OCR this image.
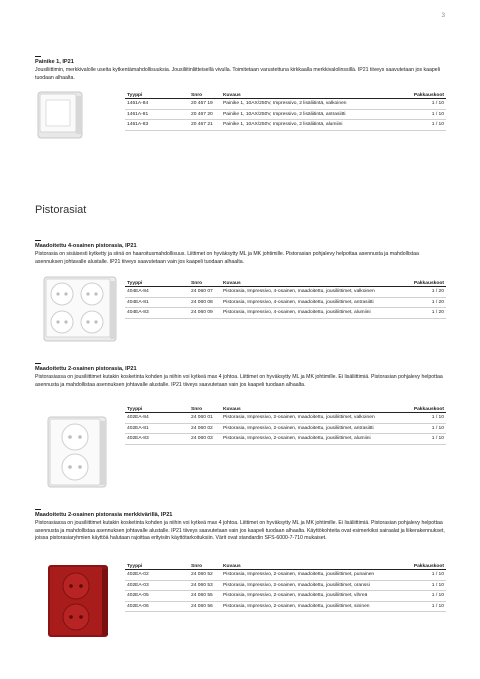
3
Painike 1, IP21
Jousiliittimin, merkkivalolle useita kytkentämahdollisuuksia. Jousiliitinliitteisellä vivulla. Toimitetaan varustettuna kirkkaalla merkkivalolinssillä. IP21 tiiveys saavutetaan jos kaapeli tuodaan alhaalta.
Tyyppi	Snro	Kuvaus	Pakkauskoot
1461A-84	20 467 19	Painike 1, 10AX/250V, Impressivo, 2 lisäliitintä, valkoinen	1 / 10
1461A-81	20 467 20	Painike 1, 10AX/250V, Impressivo, 2 lisäliitintä, antrasiitti	1 / 10
1461A-83	20 467 21	Painike 1, 10AX/250V, Impressivo, 2 lisäliitintä, alumiini	1 / 10
Pistorasiat
Maadoitettu 4-osainen pistorasia, IP21
Pistorasia on sisäisesti kytketty ja siinä on haaroitusmahdollisuus. Liittimet on hyväksytty ML ja MK johtimille. Pistorasian pohjalevy helpottaa asennusta ja mahdollistaa asennuksen johtavalle alustalle. IP21 tiiveys saavutetaan vain jos kaapeli tuodaan alhaalta.
Tyyppi	Snro	Kuvaus	Pakkauskoot
404EA-84	24 060 07	Pistorasia, Impressivo, 4-osainen, maadoitettu, jousiliittimet, valkoinen	1 / 20
404EA-81	24 060 08	Pistorasia, Impressivo, 4-osainen, maadoitettu, jousiliittimet, antrasiitti	1 / 20
404EA-83	24 060 09	Pistorasia, Impressivo, 4-osainen, maadoitettu, jousiliittimet, alumiini	1 / 20
Maadoitettu 2-osainen pistorasia, IP21
Pistorasiassa on jousiliittimet kutakin kosketinta kohden ja niihin voi kytkeä max 4 johtoa. Liittimet on hyväksytty ML ja MK johtimille. Ei lisäliittimiä. Pistorasian pohjalevy helpottaa asennusta ja mahdollistaa asennuksen johtavalle alustalle. IP21 tiiveys saavutetaan vain jos kaapeli tuodaan alhaalta.
Tyyppi	Snro	Kuvaus	Pakkauskoot
402EA-84	24 060 01	Pistorasia, Impressivo, 2-osainen, maadoitettu, jousiliittimet, valkoinen	1 / 10
402EA-81	24 060 02	Pistorasia, Impressivo, 2-osainen, maadoitettu, jousiliittimet, antrasiitti	1 / 10
402EA-83	24 060 03	Pistorasia, Impressivo, 2-osainen, maadoitettu, jousiliittimet, alumiini	1 / 10
Maadoitettu 2-osainen pistorasia merkkivärillä, IP21
Pistorasiassa on jousiliittimet kutakin kosketinta kohden ja niihin voi kytkeä max 4 johtoa. Liittimet on hyväksytty ML ja MK johtimille. Ei lisäliittimiä. Pistorasian pohjalevy helpottaa asennusta ja mahdollistaa asennuksen johtavalle alustalle. IP21 tiiveys saavutetaan vain jos kaapeli tuodaan alhaalta. Käyttökohteita ovat esimerkiksi sairaalat ja liikerakennukset, joissa pistorasiaryhmien käyttöä halutaan rajoittaa erityisiin käyttötarkoituksiin. Värit ovat standardin SFS-6000-7-710 mukaiset.
Tyyppi	Snro	Kuvaus	Pakkauskoot
402EA-02	24 060 52	Pistorasia, Impressivo, 2-osainen, maadoitettu, jousiliittimet, punainen	1 / 10
402EA-03	24 060 53	Pistorasia, Impressivo, 2-osainen, maadoitettu, jousiliittimet, oranssi	1 / 10
402EA-05	24 060 55	Pistorasia, Impressivo, 2-osainen, maadoitettu, jousiliittimet, vihreä	1 / 10
402EA-06	24 060 56	Pistorasia, Impressivo, 2-osainen, maadoitettu, jousiliittimet, sininen	1 / 10
